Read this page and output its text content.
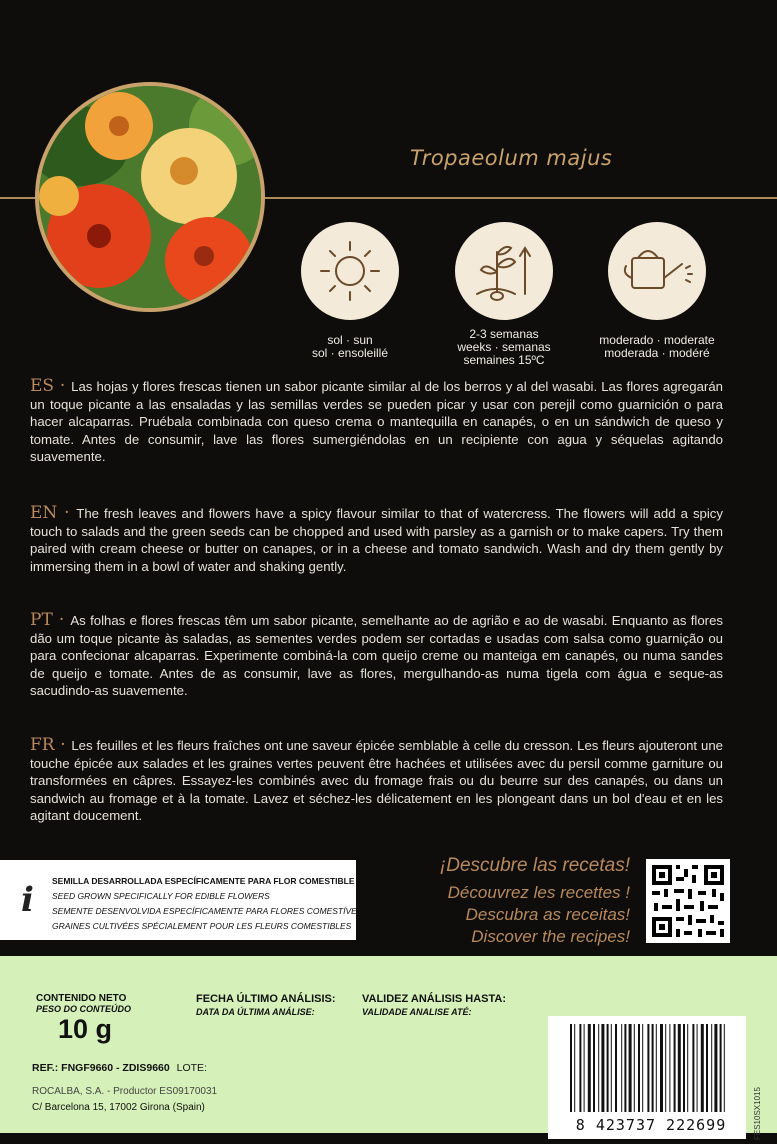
Tropaeolum majus
sol · sun
sol · ensoleillé
2-3 semanas
weeks · semanas
semaines 15ºC
moderado · moderate
moderada · modéré
ES · Las hojas y flores frescas tienen un sabor picante similar al de los berros y al del wasabi. Las flores agregarán un toque picante a las ensaladas y las semillas verdes se pueden picar y usar con perejil como guarnición o para hacer alcaparras. Pruébala combinada con queso crema o mantequilla en canapés, o en un sándwich de queso y tomate. Antes de consumir, lave las flores sumergiéndolas en un recipiente con agua y séquelas agitando suavemente.
EN · The fresh leaves and flowers have a spicy flavour similar to that of watercress. The flowers will add a spicy touch to salads and the green seeds can be chopped and used with parsley as a garnish or to make capers. Try them paired with cream cheese or butter on canapes, or in a cheese and tomato sandwich. Wash and dry them gently by immersing them in a bowl of water and shaking gently.
PT · As folhas e flores frescas têm um sabor picante, semelhante ao de agrião e ao de wasabi. Enquanto as flores dão um toque picante às saladas, as sementes verdes podem ser cortadas e usadas com salsa como guarnição ou para confecionar alcaparras. Experimente combiná-la com queijo creme ou manteiga em canapés, ou numa sandes de queijo e tomate. Antes de as consumir, lave as flores, mergulhando-as numa tigela com água e seque-as sacudindo-as suavemente.
FR · Les feuilles et les fleurs fraîches ont une saveur épicée semblable à celle du cresson. Les fleurs ajouteront une touche épicée aux salades et les graines vertes peuvent être hachées et utilisées avec du persil comme garniture ou transformées en câpres. Essayez-les combinés avec du fromage frais ou du beurre sur des canapés, ou dans un sandwich au fromage et à la tomate. Lavez et séchez-les délicatement en les plongeant dans un bol d'eau et en les agitant doucement.
i SEMILLA DESARROLLADA ESPECÍFICAMENTE PARA FLOR COMESTIBLE
SEED GROWN SPECIFICALLY FOR EDIBLE FLOWERS
SEMENTE DESENVOLVIDA ESPECÍFICAMENTE PARA FLORES COMESTÍVEIS
GRAINES CULTIVÉES SPÉCIALEMENT POUR LES FLEURS COMESTIBLES
¡Descubre las recetas!
Découvrez les recettes !
Descubra as receitas!
Discover the recipes!
CONTENIDO NETO
PESO DO CONTEÚDO
10 g
FECHA ÚLTIMO ANÁLISIS:
DATA DA ÚLTIMA ANÁLISE:
VALIDEZ ANÁLISIS HASTA:
VALIDADE ANALISE ATÉ:
REF.: FNGF9660 - ZDIS9660 LOTE:
ROCALBA, S.A. - Productor ES09170031
C/ Barcelona 15, 17002 Girona (Spain)
8 423737 222699	FES10SX1015
